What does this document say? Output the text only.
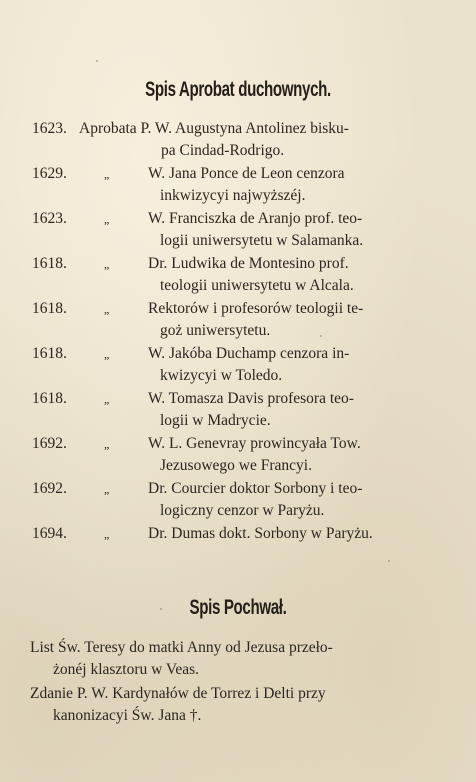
Spis Aprobat duchownych.
1623. Aprobata P. W. Augustyna Antolinez bisku-
pa Cindad-Rodrigo.
1629.	„	W. Jana Ponce de Leon cenzora
inkwizycyi najwyższéj.
1623.	„	W. Franciszka de Aranjo prof. teo-
logii uniwersytetu w Salamanka.
1618.	„	Dr. Ludwika de Montesino prof.
teologii uniwersytetu w Alcala.
1618.	„	Rektorów i profesorów teologii te-
goż uniwersytetu.
1618.	„	W. Jakóba Duchamp cenzora in-
kwizycyi w Toledo.
1618.	„	W. Tomasza Davis profesora teo-
logii w Madrycie.
1692.	„	W. L. Genevray prowincyała Tow.
Jezusowego we Francyi.
1692.	„	Dr. Courcier doktor Sorbony i teo-
logiczny cenzor w Paryżu.
1694.	„	Dr. Dumas dokt. Sorbony w Paryżu.
Spis Pochwał.
List Św. Teresy do matki Anny od Jezusa przeło-
żonéj klasztoru w Veas.
Zdanie P. W. Kardynałów de Torrez i Delti przy
kanonizacyi Św. Jana †.
